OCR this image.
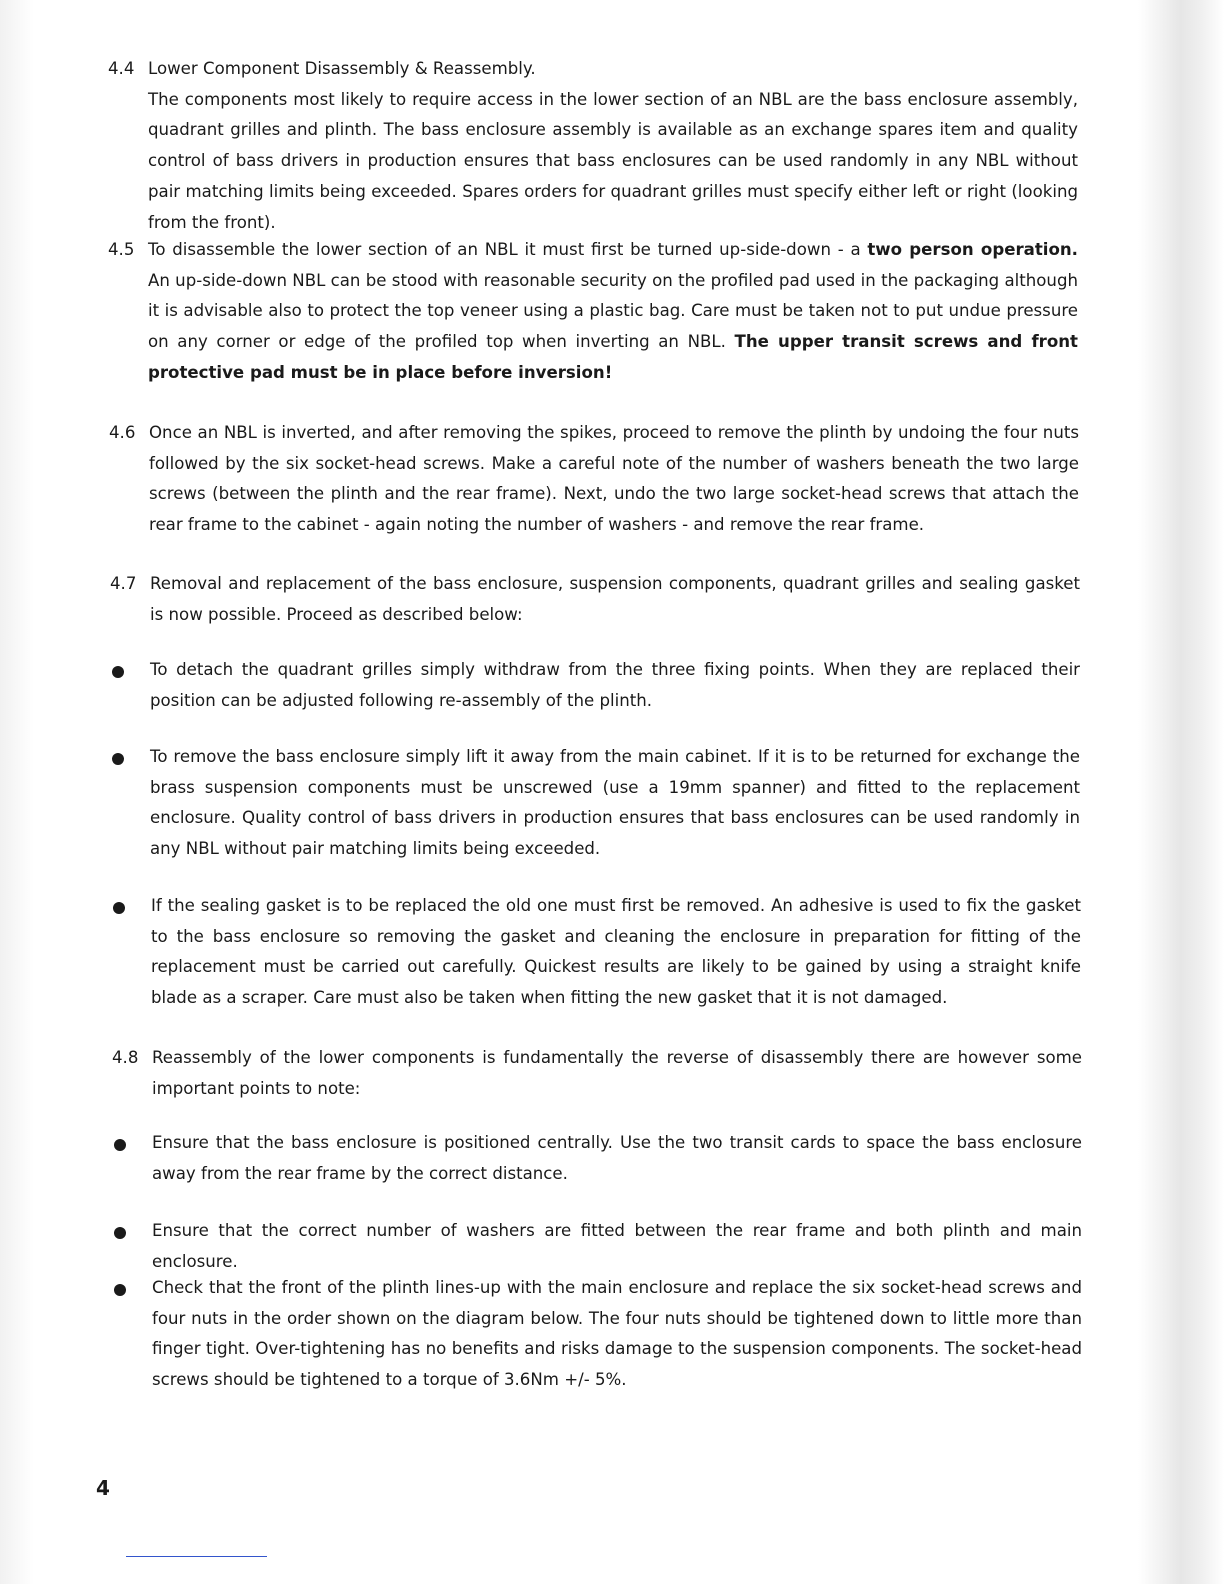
4.4 Lower Component Disassembly & Reassembly.
The components most likely to require access in the lower section of an NBL are the bass enclosure assembly, quadrant grilles and plinth. The bass enclosure assembly is available as an exchange spares item and quality control of bass drivers in production ensures that bass enclosures can be used randomly in any NBL without pair matching limits being exceeded. Spares orders for quadrant grilles must specify either left or right (looking from the front).
4.5 To disassemble the lower section of an NBL it must first be turned up-side-down - a two person operation. An up-side-down NBL can be stood with reasonable security on the profiled pad used in the packaging although it is advisable also to protect the top veneer using a plastic bag. Care must be taken not to put undue pressure on any corner or edge of the profiled top when inverting an NBL. The upper transit screws and front protective pad must be in place before inversion!
4.6 Once an NBL is inverted, and after removing the spikes, proceed to remove the plinth by undoing the four nuts followed by the six socket-head screws. Make a careful note of the number of washers beneath the two large screws (between the plinth and the rear frame). Next, undo the two large socket-head screws that attach the rear frame to the cabinet - again noting the number of washers - and remove the rear frame.
4.7 Removal and replacement of the bass enclosure, suspension components, quadrant grilles and sealing gasket is now possible. Proceed as described below:
To detach the quadrant grilles simply withdraw from the three fixing points. When they are replaced their position can be adjusted following re-assembly of the plinth.
To remove the bass enclosure simply lift it away from the main cabinet. If it is to be returned for exchange the brass suspension components must be unscrewed (use a 19mm spanner) and fitted to the replacement enclosure. Quality control of bass drivers in production ensures that bass enclosures can be used randomly in any NBL without pair matching limits being exceeded.
If the sealing gasket is to be replaced the old one must first be removed. An adhesive is used to fix the gasket to the bass enclosure so removing the gasket and cleaning the enclosure in preparation for fitting of the replacement must be carried out carefully. Quickest results are likely to be gained by using a straight knife blade as a scraper. Care must also be taken when fitting the new gasket that it is not damaged.
4.8 Reassembly of the lower components is fundamentally the reverse of disassembly there are however some important points to note:
Ensure that the bass enclosure is positioned centrally. Use the two transit cards to space the bass enclosure away from the rear frame by the correct distance.
Ensure that the correct number of washers are fitted between the rear frame and both plinth and main enclosure.
Check that the front of the plinth lines-up with the main enclosure and replace the six socket-head screws and four nuts in the order shown on the diagram below. The four nuts should be tightened down to little more than finger tight. Over-tightening has no benefits and risks damage to the suspension components. The socket-head screws should be tightened to a torque of 3.6Nm +/- 5%.
4
